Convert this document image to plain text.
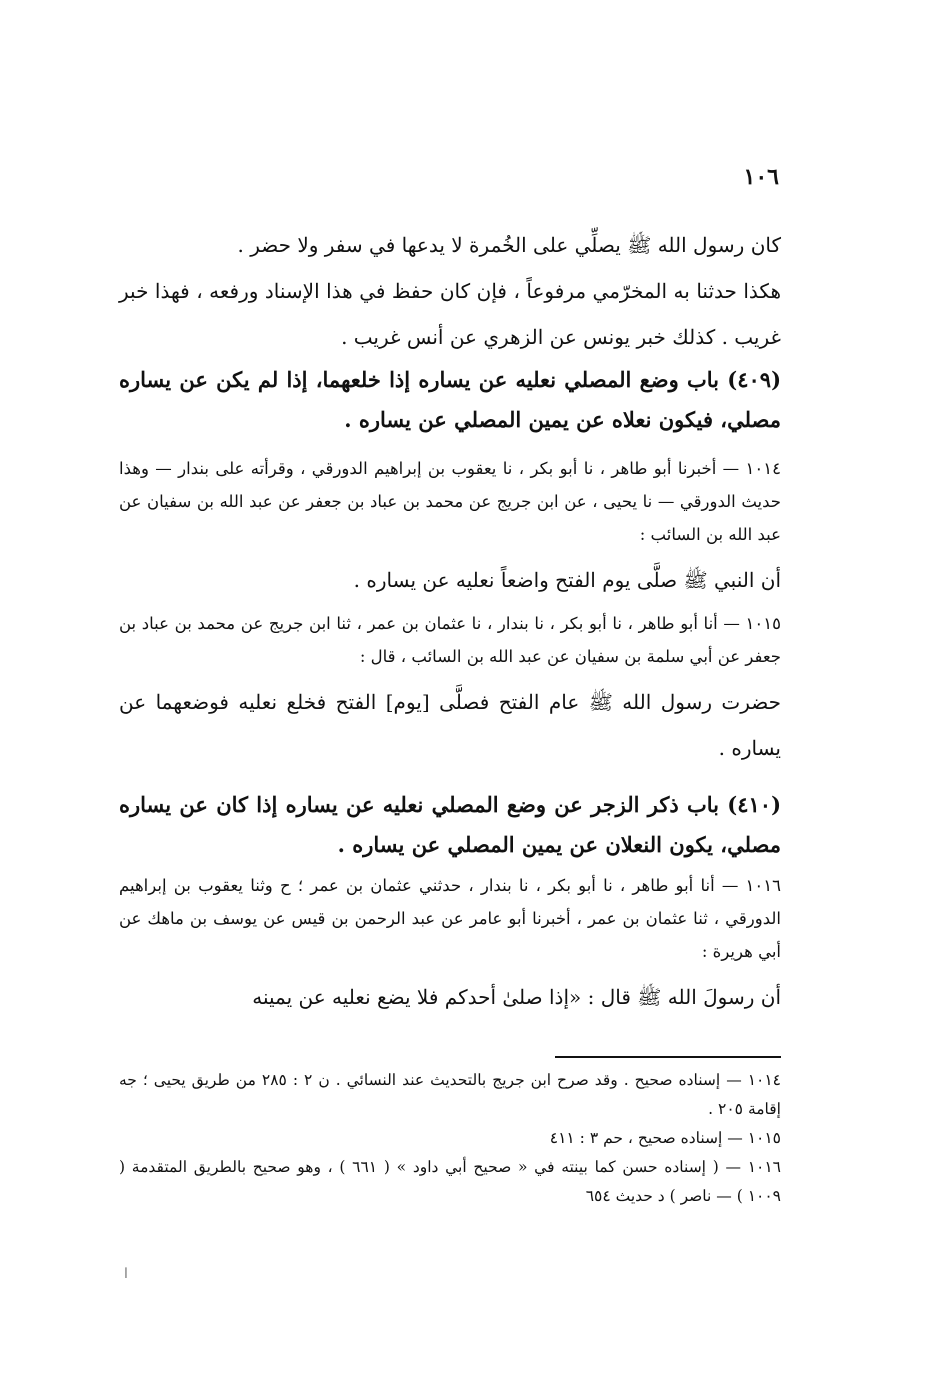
١٠٦

كان رسول الله ﷺ يصلِّي على الخُمرة لا يدعها في سفر ولا حضر .

هكذا حدثنا به المخرّمي مرفوعاً ، فإن كان حفظ في هذا الإسناد ورفعه ، فهذا خبر غريب . كذلك خبر يونس عن الزهري عن أنس غريب .

(٤٠٩) باب وضع المصلي نعليه عن يساره إذا خلعهما، إذا لم يكن عن يساره مصلي، فيكون نعلاه عن يمين المصلي عن يساره .

١٠١٤ — أخبرنا أبو طاهر ، نا أبو بكر ، نا يعقوب بن إبراهيم الدورقي ، وقرأته على بندار — وهذا حديث الدورقي — نا يحيى ، عن ابن جريج عن محمد بن عباد بن جعفر عن عبد الله بن سفيان عن عبد الله بن السائب :

أن النبي ﷺ صلَّى يوم الفتح واضعاً نعليه عن يساره .

١٠١٥ — أنا أبو طاهر ، نا أبو بكر ، نا بندار ، نا عثمان بن عمر ، ثنا ابن جريج عن محمد بن عباد بن جعفر عن أبي سلمة بن سفيان عن عبد الله بن السائب ، قال :

حضرت رسول الله ﷺ عام الفتح فصلَّى [يوم] الفتح فخلع نعليه فوضعهما عن يساره .

(٤١٠) باب ذكر الزجر عن وضع المصلي نعليه عن يساره إذا كان عن يساره مصلي، يكون النعلان عن يمين المصلي عن يساره .

١٠١٦ — أنا أبو طاهر ، نا أبو بكر ، نا بندار ، حدثني عثمان بن عمر ؛ ح وثنا يعقوب بن إبراهيم الدورقي ، ثنا عثمان بن عمر ، أخبرنا أبو عامر عن عبد الرحمن بن قيس عن يوسف بن ماهك عن أبي هريرة :

أن رسولَ الله ﷺ قال : «إذا صلىٰ أحدكم فلا يضع نعليه عن يمينه

١٠١٤ — إسناده صحيح . وقد صرح ابن جريج بالتحديث عند النسائي . ن ٢ : ٢٨٥ من طريق يحيى ؛ جه إقامة ٢٠٥ .

١٠١٥ — إسناده صحيح ، حم ٣ : ٤١١

١٠١٦ — ( إسناده حسن كما بينته في « صحيح أبي داود » ( ٦٦١ ) ، وهو صحيح بالطريق المتقدمة ( ١٠٠٩ ) — ناصر ) د حديث ٦٥٤

ا
